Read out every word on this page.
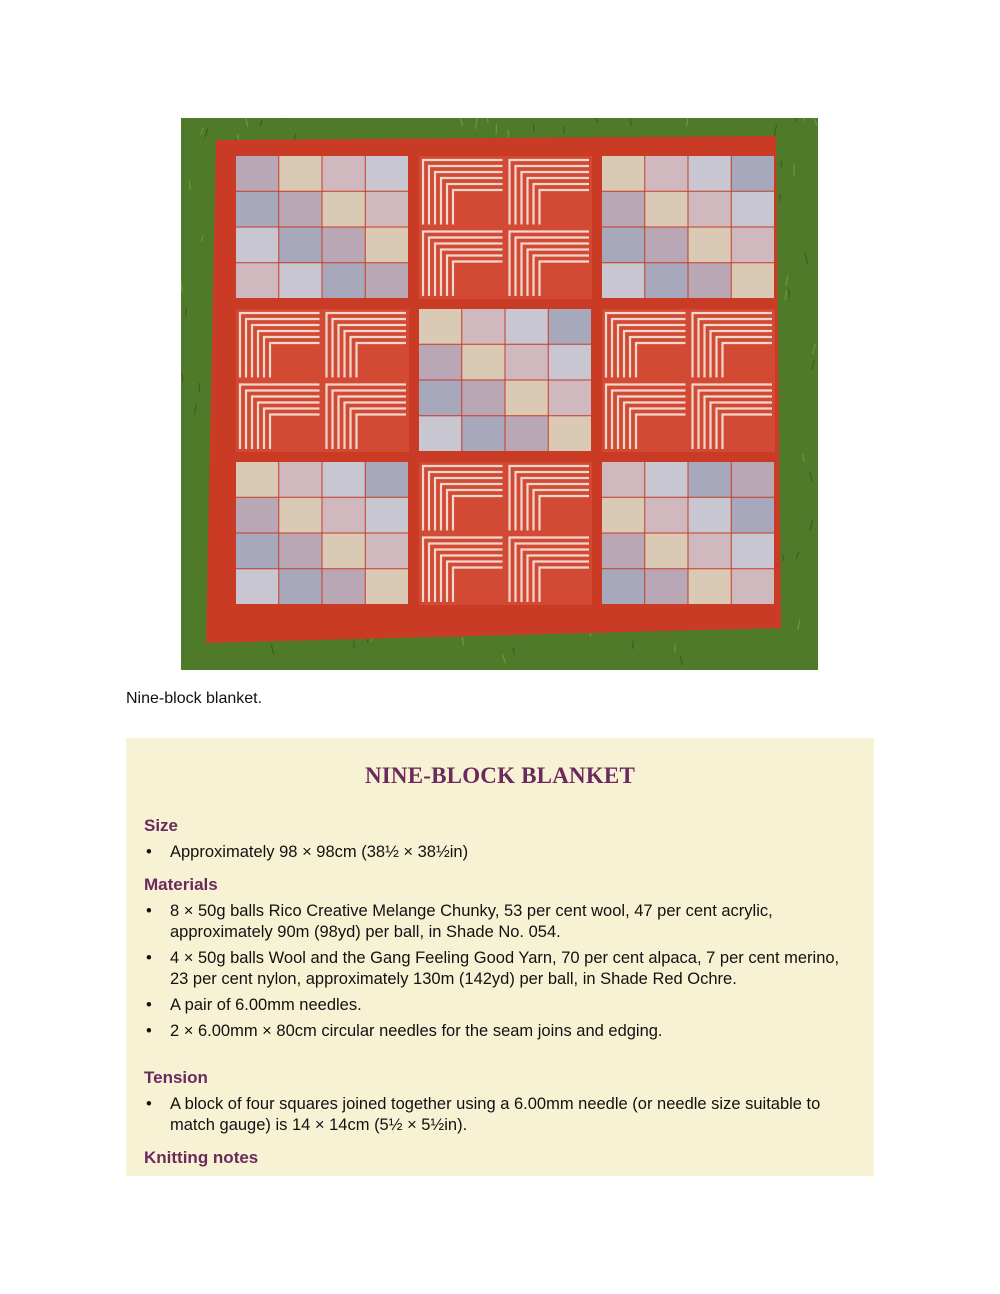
Nine-block blanket.
NINE-BLOCK BLANKET

Size

• Approximately 98 × 98cm (38½ × 38½in)

Materials

• 8 × 50g balls Rico Creative Melange Chunky, 53 per cent wool, 47 per cent acrylic, approximately 90m (98yd) per ball, in Shade No. 054.
• 4 × 50g balls Wool and the Gang Feeling Good Yarn, 70 per cent alpaca, 7 per cent merino, 23 per cent nylon, approximately 130m (142yd) per ball, in Shade Red Ochre.
• A pair of 6.00mm needles.
• 2 × 6.00mm × 80cm circular needles for the seam joins and edging.

Tension

• A block of four squares joined together using a 6.00mm needle (or needle size suitable to match gauge) is 14 × 14cm (5½ × 5½in).

Knitting notes
